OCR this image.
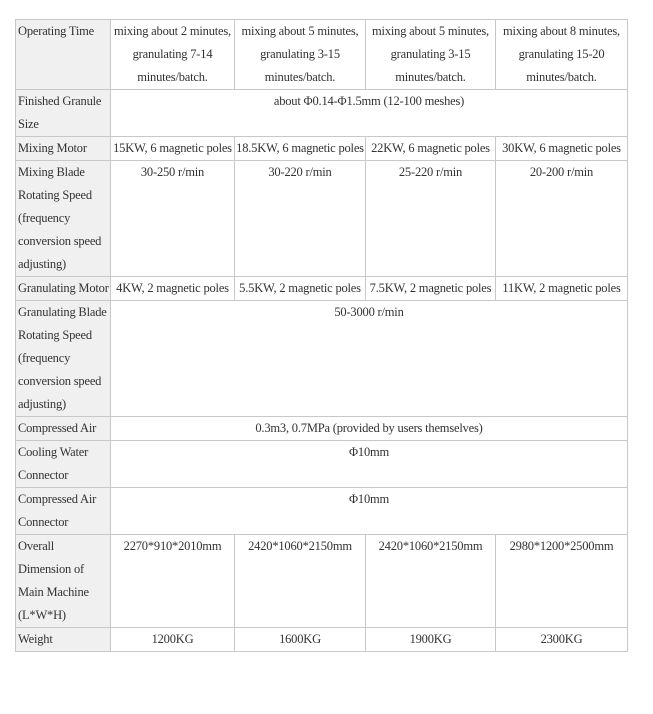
Operating Time	mixing about 2 minutes, granulating 7-14 minutes/batch.	mixing about 5 minutes, granulating 3-15 minutes/batch.	mixing about 5 minutes, granulating 3-15 minutes/batch.	mixing about 8 minutes, granulating 15-20 minutes/batch.
Finished Granule Size	about Φ0.14-Φ1.5mm (12-100 meshes)			
Mixing Motor	15KW, 6 magnetic poles	18.5KW, 6 magnetic poles	22KW, 6 magnetic poles	30KW, 6 magnetic poles
Mixing Blade Rotating Speed (frequency conversion speed adjusting)	30-250 r/min	30-220 r/min	25-220 r/min	20-200 r/min
Granulating Motor	4KW, 2 magnetic poles	5.5KW, 2 magnetic poles	7.5KW, 2 magnetic poles	11KW, 2 magnetic poles
Granulating Blade Rotating Speed (frequency conversion speed adjusting)	50-3000 r/min			
Compressed Air	0.3m3, 0.7MPa (provided by users themselves)			
Cooling Water Connector	Φ10mm			
Compressed Air Connector	Φ10mm			
Overall Dimension of Main Machine (L*W*H)	2270*910*2010mm	2420*1060*2150mm	2420*1060*2150mm	2980*1200*2500mm
Weight	1200KG	1600KG	1900KG	2300KG
